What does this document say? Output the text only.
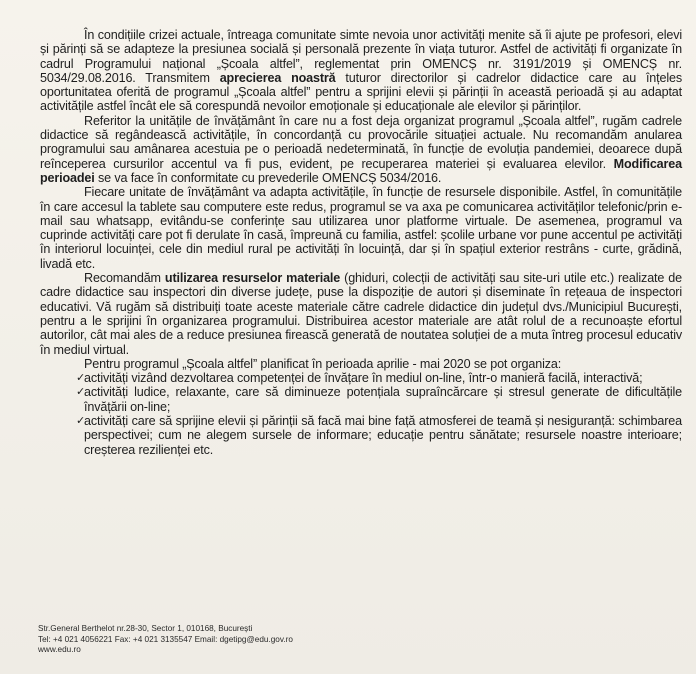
În condițiile crizei actuale, întreaga comunitate simte nevoia unor activități menite să îi ajute pe profesori, elevi și părinți să se adapteze la presiunea socială și personală prezente în viața tuturor. Astfel de activități fi organizate în cadrul Programului național „Școala altfel”, reglementat prin OMENCȘ nr. 3191/2019 și OMENCȘ nr. 5034/29.08.2016. Transmitem aprecierea noastră tuturor directorilor și cadrelor didactice care au înțeles oportunitatea oferită de programul „Școala altfel” pentru a sprijini elevii și părinții în această perioadă și au adaptat activitățile astfel încât ele să corespundă nevoilor emoționale și educaționale ale elevilor și părinților.

Referitor la unitățile de învățământ în care nu a fost deja organizat programul „Școala altfel”, rugăm cadrele didactice să regândească activitățile, în concordanță cu provocările situației actuale. Nu recomandăm anularea programului sau amânarea acestuia pe o perioadă nedeterminată, în funcție de evoluția pandemiei, deoarece după reînceperea cursurilor accentul va fi pus, evident, pe recuperarea materiei și evaluarea elevilor. Modificarea perioadei se va face în conformitate cu prevederile OMENCȘ 5034/2016.

Fiecare unitate de învățământ va adapta activitățile, în funcție de resursele disponibile. Astfel, în comunitățile în care accesul la tablete sau computere este redus, programul se va axa pe comunicarea activităților telefonic/prin e-mail sau whatsapp, evitându-se conferințe sau utilizarea unor platforme virtuale. De asemenea, programul va cuprinde activități care pot fi derulate în casă, împreună cu familia, astfel: școlile urbane vor pune accentul pe activități în interiorul locuinței, cele din mediul rural pe activități în locuință, dar și în spațiul exterior restrâns - curte, grădină, livadă etc.

Recomandăm utilizarea resurselor materiale (ghiduri, colecții de activități sau site-uri utile etc.) realizate de cadre didactice sau inspectori din diverse județe, puse la dispoziție de autori și diseminate în rețeaua de inspectori educativi. Vă rugăm să distribuiți toate aceste materiale către cadrele didactice din județul dvs./Municipiul București, pentru a le sprijini în organizarea programului. Distribuirea acestor materiale are atât rolul de a recunoaște efortul autorilor, cât mai ales de a reduce presiunea firească generată de noutatea soluției de a muta întreg procesul educativ în mediul virtual.

Pentru programul „Școala altfel” planificat în perioada aprilie - mai 2020 se pot organiza:

✓ activități vizând dezvoltarea competenței de învățare în mediul on-line, într-o manieră facilă, interactivă;
✓ activități ludice, relaxante, care să diminueze potențiala supraîncărcare și stresul generate de dificultățile învățării on-line;
✓ activități care să sprijine elevii și părinții să facă mai bine față atmosferei de teamă și nesiguranță: schimbarea perspectivei; cum ne alegem sursele de informare; educație pentru sănătate; resursele noastre interioare; creșterea rezilienței etc.
Str.General Berthelot nr.28-30, Sector 1, 010168, București
Tel: +4 021 4056221 Fax: +4 021 3135547 Email: dgetipg@edu.gov.ro
www.edu.ro
